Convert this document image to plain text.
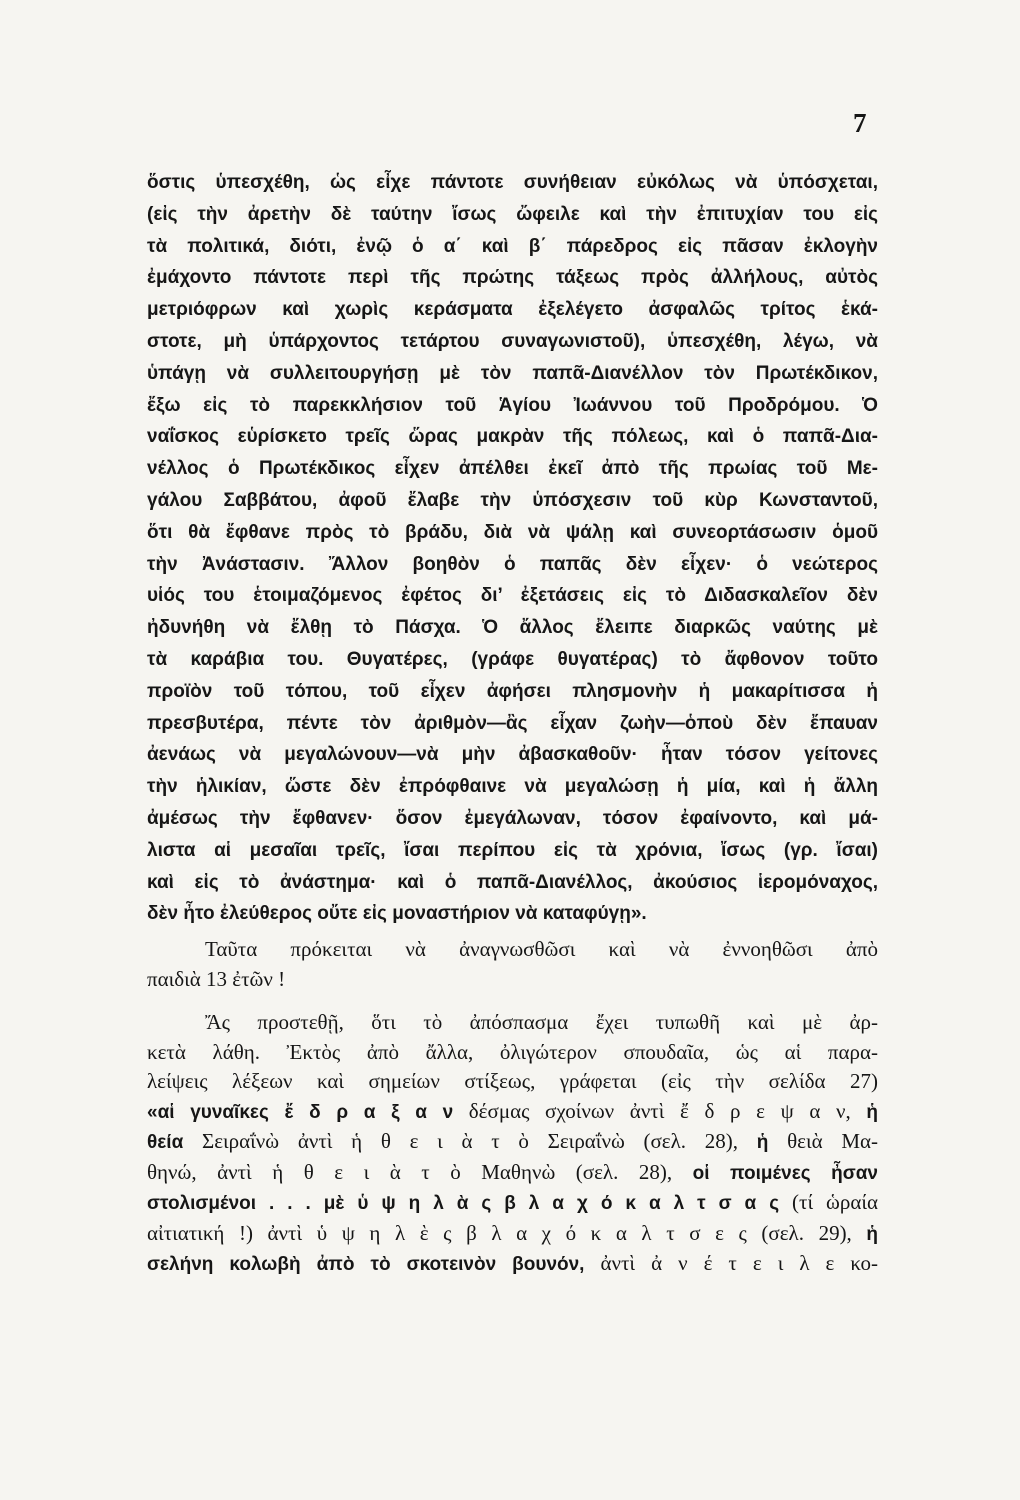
7
ὅστις ὑπεσχέθη, ὡς εἶχε πάντοτε συνήθειαν εὐκόλως νὰ ὑπόσχεται,
(εἰς τὴν ἀρετὴν δὲ ταύτην ἴσως ὤφειλε καὶ τὴν ἐπιτυχίαν του εἰς
τὰ πολιτικά, διότι, ἐνῷ ὁ α΄ καὶ β΄ πάρεδρος εἰς πᾶσαν ἐκλογὴν
ἐμάχοντο πάντοτε περὶ τῆς πρώτης τάξεως πρὸς ἀλλήλους, αὐτὸς
μετριόφρων καὶ χωρὶς κεράσματα ἐξελέγετο ἀσφαλῶς τρίτος ἑκά-
στοτε, μὴ ὑπάρχοντος τετάρτου συναγωνιστοῦ), ὑπεσχέθη, λέγω, νὰ
ὑπάγῃ νὰ συλλειτουργήσῃ μὲ τὸν παπᾶ-Διανέλλον τὸν Πρωτέκδικον,
ἔξω εἰς τὸ παρεκκλήσιον τοῦ Ἁγίου Ἰωάννου τοῦ Προδρόμου. Ὁ
ναΐσκος εὑρίσκετο τρεῖς ὥρας μακρὰν τῆς πόλεως, καὶ ὁ παπᾶ-Δια-
νέλλος ὁ Πρωτέκδικος εἶχεν ἀπέλθει ἐκεῖ ἀπὸ τῆς πρωίας τοῦ Με-
γάλου Σαββάτου, ἀφοῦ ἔλαβε τὴν ὑπόσχεσιν τοῦ κὺρ Κωνσταντοῦ,
ὅτι θὰ ἔφθανε πρὸς τὸ βράδυ, διὰ νὰ ψάλῃ καὶ συνεορτάσωσιν ὁμοῦ
τὴν Ἀνάστασιν. Ἄλλον βοηθὸν ὁ παπᾶς δὲν εἶχεν· ὁ νεώτερος
υἱός του ἑτοιμαζόμενος ἐφέτος δι’ ἐξετάσεις εἰς τὸ Διδασκαλεῖον δὲν
ἠδυνήθη νὰ ἔλθῃ τὸ Πάσχα. Ὁ ἄλλος ἔλειπε διαρκῶς ναύτης μὲ
τὰ καράβια του. Θυγατέρες, (γράφε θυγατέρας) τὸ ἄφθονον τοῦτο
προϊὸν τοῦ τόπου, τοῦ εἶχεν ἀφήσει πλησμονὴν ἡ μακαρίτισσα ἡ
πρεσβυτέρα, πέντε τὸν ἀριθμὸν—ἂς εἶχαν ζωὴν—ὁποὺ δὲν ἔπαυαν
ἀενάως νὰ μεγαλώνουν—νὰ μὴν ἀβασκαθοῦν· ἦταν τόσον γείτονες
τὴν ἡλικίαν, ὥστε δὲν ἐπρόφθαινε νὰ μεγαλώσῃ ἡ μία, καὶ ἡ ἄλλη
ἀμέσως τὴν ἔφθανεν· ὅσον ἐμεγάλωναν, τόσον ἐφαίνοντο, καὶ μά-
λιστα αἱ μεσαῖαι τρεῖς, ἴσαι περίπου εἰς τὰ χρόνια, ἴσως (γρ. ἴσαι)
καὶ εἰς τὸ ἀνάστημα· καὶ ὁ παπᾶ-Διανέλλος, ἀκούσιος ἱερομόναχος,
δὲν ἦτο ἐλεύθερος οὔτε εἰς μοναστήριον νὰ καταφύγῃ».
Ταῦτα πρόκειται νὰ ἀναγνωσθῶσι καὶ νὰ ἐννοηθῶσι ἀπὸ
παιδιὰ 13 ἐτῶν !
Ἄς προστεθῇ, ὅτι τὸ ἀπόσπασμα ἔχει τυπωθῆ καὶ μὲ ἀρ-
κετὰ λάθη. Ἐκτὸς ἀπὸ ἄλλα, ὀλιγώτερον σπουδαῖα, ὡς αἱ παρα-
λείψεις λέξεων καὶ σημείων στίξεως, γράφεται (εἰς τὴν σελίδα 27)
«αἱ γυναῖκες ἔ δ ρ α ξ α ν δέσμας σχοίνων ἀντὶ ἔ δ ρ ε ψ α ν, ἡ
θεία Σειραΐνὼ ἀντὶ ἡ θ ε ι ὰ τ ὸ Σειραΐνὼ (σελ. 28), ἡ θειὰ Μα-
θηνώ, ἀντὶ ἡ θ ε ι ὰ τ ὸ Μαθηνὼ (σελ. 28), οἱ ποιμένες ἦσαν
στολισμένοι . . . μὲ ὑ ψ η λ ὰ ς β λ α χ ό κ α λ τ σ α ς (τί ὡραία
αἰτιατική !) ἀντὶ ὑ ψ η λ ὲ ς β λ α χ ό κ α λ τ σ ε ς (σελ. 29), ἡ
σελήνη κολωβὴ ἀπὸ τὸ σκοτεινὸν βουνόν, ἀντὶ ἀ ν έ τ ε ι λ ε κο-
